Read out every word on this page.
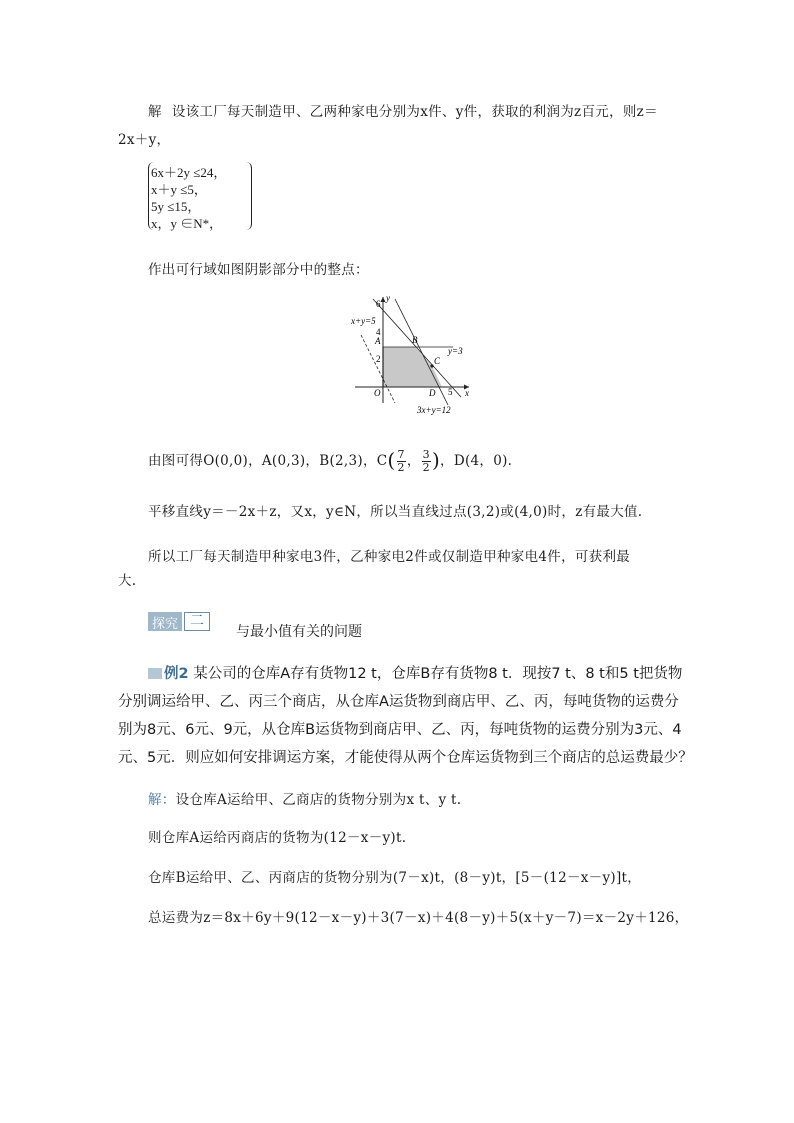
解 设该工厂每天制造甲、乙两种家电分别为x件、y件，获取的利润为z百元，则z＝
2x＋y，
6x＋2y ≤24，
x＋y ≤5，
5y ≤15，
x，y ∈N*，
作出可行域如图阴影部分中的整点：
y
x
6
x+y=5
4
A	B
y=3
2	C
5
O	D
3x+y=12
由图可得O(0,0)，A(0,3)，B(2,3)，$C( \frac{7}{2}$ ， $\frac{3}{2}$ )，D(4，0).
平移直线y＝－2x＋z，又x，y∈N，所以当直线过点(3,2)或(4,0)时，z有最大值.
所以工厂每天制造甲种家电3件，乙种家电2件或仅制造甲种家电4件，可获利最
大.
探究 二
与最小值有关的问题
例2 某公司的仓库A存有货物12 t，仓库B存有货物8 t．现按7 t、8 t和5 t把货物
分别调运给甲、乙、丙三个商店，从仓库A运货物到商店甲、乙、丙，每吨货物的运费分
别为8元、6元、9元，从仓库B运货物到商店甲、乙、丙，每吨货物的运费分别为3元、4
元、5元．则应如何安排调运方案，才能使得从两个仓库运货物到三个商店的总运费最少？
解：设仓库A运给甲、乙商店的货物分别为x t、y t.
则仓库A运给丙商店的货物为(12－x－y)t.
仓库B运给甲、乙、丙商店的货物分别为(7－x)t，(8－y)t，[5－(12－x－y)]t，
总运费为z＝8x＋6y＋9(12－x－y)＋3(7－x)＋4(8－y)＋5(x＋y－7)＝x－2y＋126，
